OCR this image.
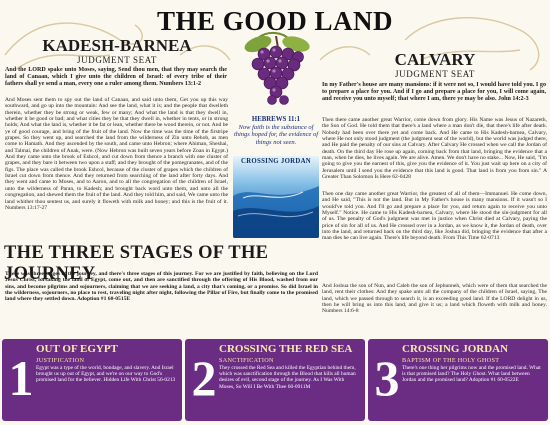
THE GOOD LAND
KADESH-BARNEA
JUDGMENT SEAT
And the LORD spake unto Moses, saying, Send thou men, that they may search the land of Canaan, which I give unto the children of Israel: of every tribe of their fathers shall ye send a man, every one a ruler among them. Numbers 13:1-2
And Moses sent them to spy out the land of Canaan, and said unto them, Get you up this way southward, and go up into the mountain: And see the land, what it is; and the people that dwelleth therein, whether they be strong or weak, few or many; And what the land is that they dwell in, whether it be good or bad; and what cities they be that they dwell in, whether in tents, or in strong holds; And what the land is, whether it be fat or lean, whether there be wood therein, or not. And be ye of good courage, and bring of the fruit of the land. Now the time was the time of the firstripe grapes. So they went up, and searched the land from the wilderness of Zin unto Rehob, as men come to Hamath. And they ascended by the south, and came unto Hebron; where Ahiman, Sheshai, and Talmai, the children of Anak, were. (Now Hebron was built seven years before Zoan in Egypt.) And they came unto the brook of Eshcol, and cut down from thence a branch with one cluster of grapes, and they bare it between two upon a staff; and they brought of the pomegranates, and of the figs. The place was called the brook Eshcol, because of the cluster of grapes which the children of Israel cut down from thence. And they returned from searching of the land after forty days. And they went and came to Moses, and to Aaron, and to all the congregation of the children of Israel, unto the wilderness of Paran, to Kadesh; and brought back word unto them, and unto all the congregation, and shewed them the fruit of the land. And they told him, and said, We came unto the land whither thou sentest us, and surely it floweth with milk and honey; and this is the fruit of it. Numbers 13:17-27
HEBREWS 11:1
Now faith is the substance of things hoped for, the evidence of things not seen.
CROSSING JORDAN
CALVARY
JUDGMENT SEAT
In my Father's house are many mansions: if it were not so, I would have told you. I go to prepare a place for you. And if I go and prepare a place for you, I will come again, and receive you unto myself; that where I am, there ye may be also. John 14:2-3
Then there came another great Warrior, come down from glory. His Name was Jesus of Nazareth, the Son of God. He told them that there's a land where a man don't die, that there's life after death. Nobody had been over there yet and come back. And He came to His Kadesh-barnea, Calvary, where He not only stood judgment (the judgment seat of the world), but the world was judged there, and He paid the penalty of our sins at Calvary. After Calvary He crossed when we call the Jordan of death. On the third day He rose up again, coming back from that land, bringing the evidence that a man, when he dies, he lives again. We are alive. Amen. We don't have no stake... Now, He said, "I'm going to give you the earnest of this, give you the evidence of it. You just wait up here on a city of Jerusalem until I send you the evidence that this land is good. That land is from you from sin." A Greater Than Solomon Is Here 62-0428
Then one day came another great Warrior, the greatest of all of them—Immanuel. He come down, and He said, "This is not the land. But in My Father's house is many mansions. If it wasn't so I would've told you. And I'll go and prepare a place for you, and return again to receive you unto Myself." Notice. He came to His Kadesh-barnea, Calvary, where He stood the sin-judgment for all of us. The penalty of God's judgment was met in justice when Christ died at Calvary, paying the price of sin for all of us. And He crossed over in a Jordan, as we know it, the Jordan of death, over into the land, and returned back on the third day, like Joshua did, bringing the evidence that after a man dies he can live again. There's life beyond death. From This Time 62-0713
And Joshua the son of Nun, and Caleb the son of Jephunneh, which were of them that searched the land, rent their clothes: And they spake unto all the company of the children of Israel, saying, The land, which we passed through to search it, is an exceeding good land. If the LORD delight in us, then he will bring us into this land, and give it us; a land which floweth with milk and honey. Numbers 14:6-8
THE THREE STAGES OF THE JOURNEY
There was three stages of the journey, and there's three stages of this journey. For we are justified by faith, believing on the Lord Jesus Christ, forsaking the land of Egypt, come out, and then are sanctified through the offering of His Blood, washed from our sins, and become pilgrims and sojourners, claiming that we are seeking a land, a city that's coming, or a promise. So did Israel in the wilderness, sojourners, no place to rest, traveling night after night, following the Pillar of Fire, but finally come to the promised land where they settled down. Adoption #1 60-0515E
1
OUT OF EGYPT
JUSTIFICATION
Egypt was a type of the world, bondage, and slavery. And Israel brought us up out of Egypt, and we're on our way to God's promised land for the believer. Hidden Life With Christ 56-0213 2
CROSSING THE RED SEA
SANCTIFICATION
They crossed the Red Sea and killed the Egyptian behind them, which was sanctification through the Blood that kills all human desires of evil, second stage of the journey. As I Was With Moses, So Will I Be With Thee 60-0911M	3
CROSSING JORDAN
BAPTISM OF THE HOLY GHOST
There's one thing her pilgrims now and the promised land. What is that promised land? The Holy Ghost. What land between Jordan and the promised land? Adoption #1 60-0522E
